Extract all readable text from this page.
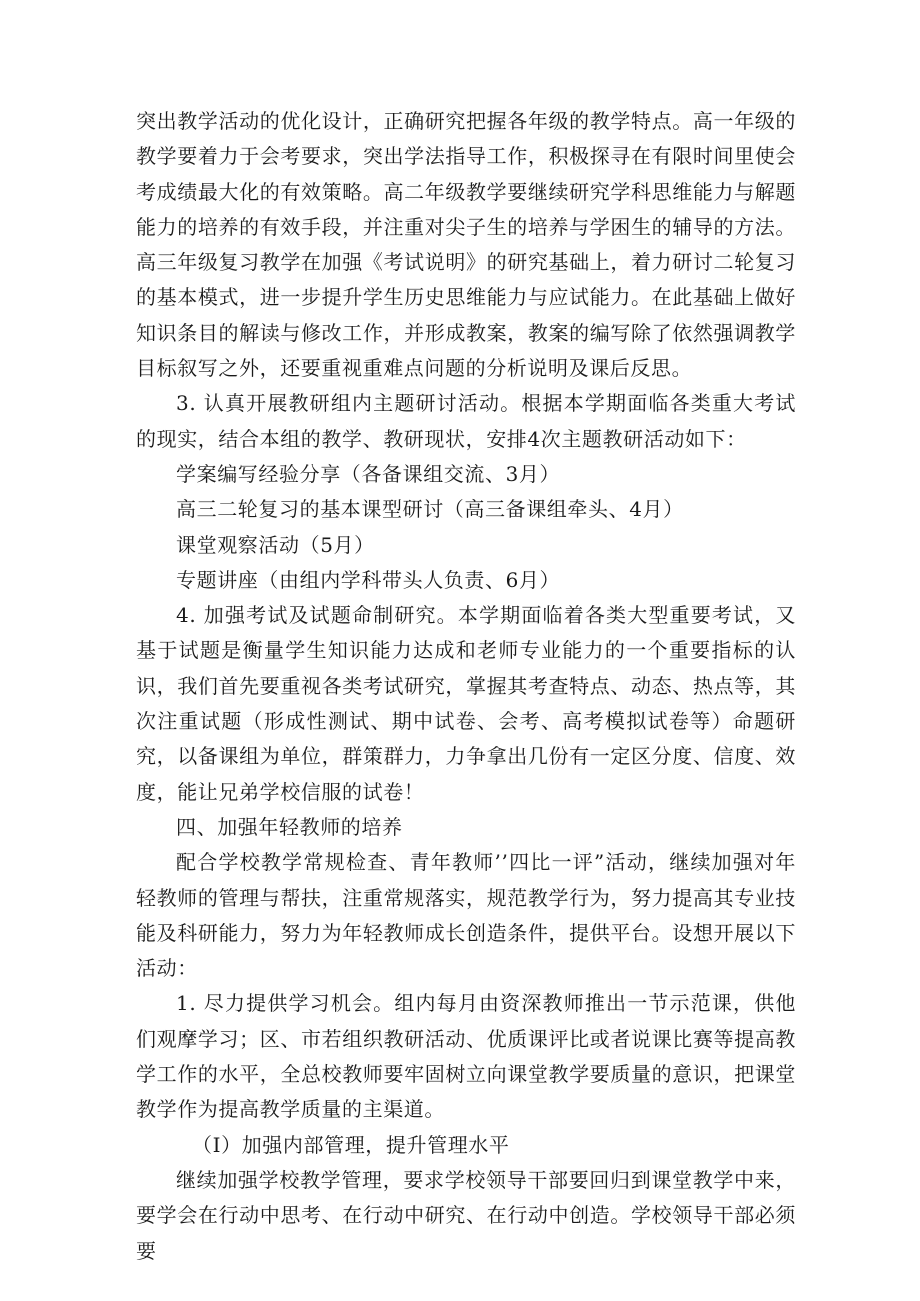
突出教学活动的优化设计，正确研究把握各年级的教学特点。高一年级的教学要着力于会考要求，突出学法指导工作，积极探寻在有限时间里使会考成绩最大化的有效策略。高二年级教学要继续研究学科思维能力与解题能力的培养的有效手段，并注重对尖子生的培养与学困生的辅导的方法。高三年级复习教学在加强《考试说明》的研究基础上，着力研讨二轮复习的基本模式，进一步提升学生历史思维能力与应试能力。在此基础上做好知识条目的解读与修改工作，并形成教案，教案的编写除了依然强调教学目标叙写之外，还要重视重难点问题的分析说明及课后反思。

3. 认真开展教研组内主题研讨活动。根据本学期面临各类重大考试的现实，结合本组的教学、教研现状，安排4次主题教研活动如下：

学案编写经验分享（各备课组交流、3月）

高三二轮复习的基本课型研讨（高三备课组牵头、4月）

课堂观察活动（5月）

专题讲座（由组内学科带头人负责、6月）

4. 加强考试及试题命制研究。本学期面临着各类大型重要考试，又基于试题是衡量学生知识能力达成和老师专业能力的一个重要指标的认识，我们首先要重视各类考试研究，掌握其考查特点、动态、热点等，其次注重试题（形成性测试、期中试卷、会考、高考模拟试卷等）命题研究，以备课组为单位，群策群力，力争拿出几份有一定区分度、信度、效度，能让兄弟学校信服的试卷！

四、加强年轻教师的培养

配合学校教学常规检查、青年教师’’四比一评”活动，继续加强对年轻教师的管理与帮扶，注重常规落实，规范教学行为，努力提高其专业技能及科研能力，努力为年轻教师成长创造条件，提供平台。设想开展以下活动：

1. 尽力提供学习机会。组内每月由资深教师推出一节示范课，供他们观摩学习；区、市若组织教研活动、优质课评比或者说课比赛等提高教学工作的水平，全总校教师要牢固树立向课堂教学要质量的意识，把课堂教学作为提高教学质量的主渠道。

（I）加强内部管理，提升管理水平

继续加强学校教学管理，要求学校领导干部要回归到课堂教学中来，要学会在行动中思考、在行动中研究、在行动中创造。学校领导干部必须要
